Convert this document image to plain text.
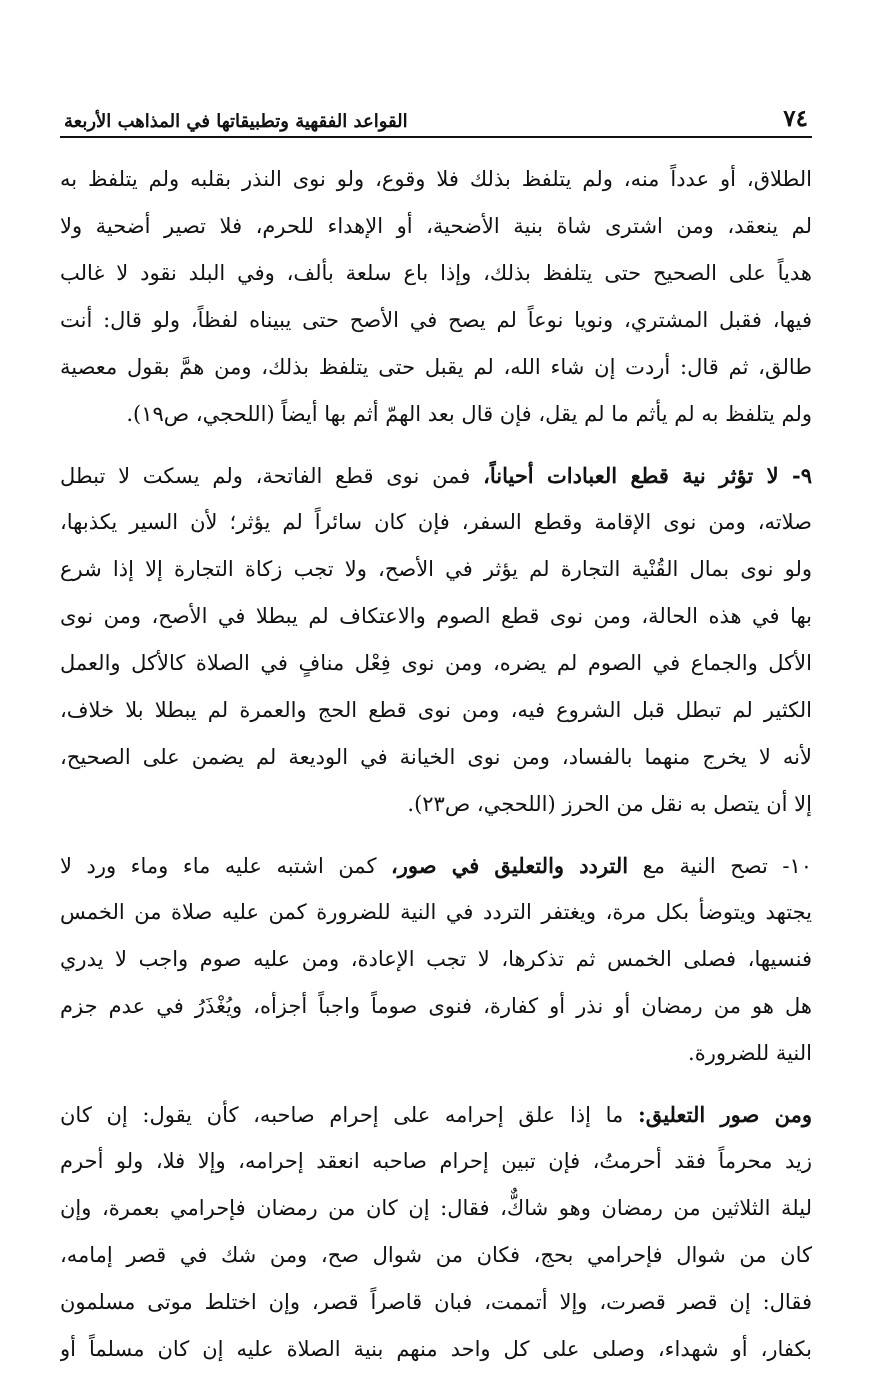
٧٤
القواعد الفقهية وتطبيقاتها في المذاهب الأربعة
الطلاق، أو عدداً منه، ولم يتلفظ بذلك فلا وقوع، ولو نوى النذر بقلبه ولم يتلفظ به
لم ينعقد، ومن اشترى شاة بنية الأضحية، أو الإهداء للحرم، فلا تصير أضحية ولا
هدياً على الصحيح حتى يتلفظ بذلك، وإذا باع سلعة بألف، وفي البلد نقود لا غالب
فيها، فقبل المشتري، ونويا نوعاً لم يصح في الأصح حتى يبيناه لفظاً، ولو قال: أنت
طالق، ثم قال: أردت إن شاء الله، لم يقبل حتى يتلفظ بذلك، ومن همَّ بقول معصية
ولم يتلفظ به لم يأثم ما لم يقل، فإن قال بعد الهمّ أثم بها أيضاً (اللحجي، ص١٩).
٩- لا تؤثر نية قطع العبادات أحياناً، فمن نوى قطع الفاتحة، ولم يسكت لا تبطل
صلاته، ومن نوى الإقامة وقطع السفر، فإن كان سائراً لم يؤثر؛ لأن السير يكذبها،
ولو نوى بمال القُنْية التجارة لم يؤثر في الأصح، ولا تجب زكاة التجارة إلا إذا شرع
بها في هذه الحالة، ومن نوى قطع الصوم والاعتكاف لم يبطلا في الأصح، ومن نوى
الأكل والجماع في الصوم لم يضره، ومن نوى فِعْل منافٍ في الصلاة كالأكل والعمل
الكثير لم تبطل قبل الشروع فيه، ومن نوى قطع الحج والعمرة لم يبطلا بلا خلاف،
لأنه لا يخرج منهما بالفساد، ومن نوى الخيانة في الوديعة لم يضمن على الصحيح،
إلا أن يتصل به نقل من الحرز (اللحجي، ص٢٣).
١٠- تصح النية مع التردد والتعليق في صور، كمن اشتبه عليه ماء وماء ورد لا
يجتهد ويتوضأ بكل مرة، ويغتفر التردد في النية للضرورة كمن عليه صلاة من الخمس
فنسيها، فصلى الخمس ثم تذكرها، لا تجب الإعادة، ومن عليه صوم واجب لا يدري
هل هو من رمضان أو نذر أو كفارة، فنوى صوماً واجباً أجزأه، ويُغْذَرُ في عدم جزم
النية للضرورة.
ومن صور التعليق: ما إذا علق إحرامه على إحرام صاحبه، كأن يقول: إن كان
زيد محرماً فقد أحرمتُ، فإن تبين إحرام صاحبه انعقد إحرامه، وإلا فلا، ولو أحرم
ليلة الثلاثين من رمضان وهو شاكٌّ، فقال: إن كان من رمضان فإحرامي بعمرة، وإن
كان من شوال فإحرامي بحج، فكان من شوال صح، ومن شك في قصر إمامه،
فقال: إن قصر قصرت، وإلا أتممت، فبان قاصراً قصر، وإن اختلط موتى مسلمون
بكفار، أو شهداء، وصلى على كل واحد منهم بنية الصلاة عليه إن كان مسلماً أو
